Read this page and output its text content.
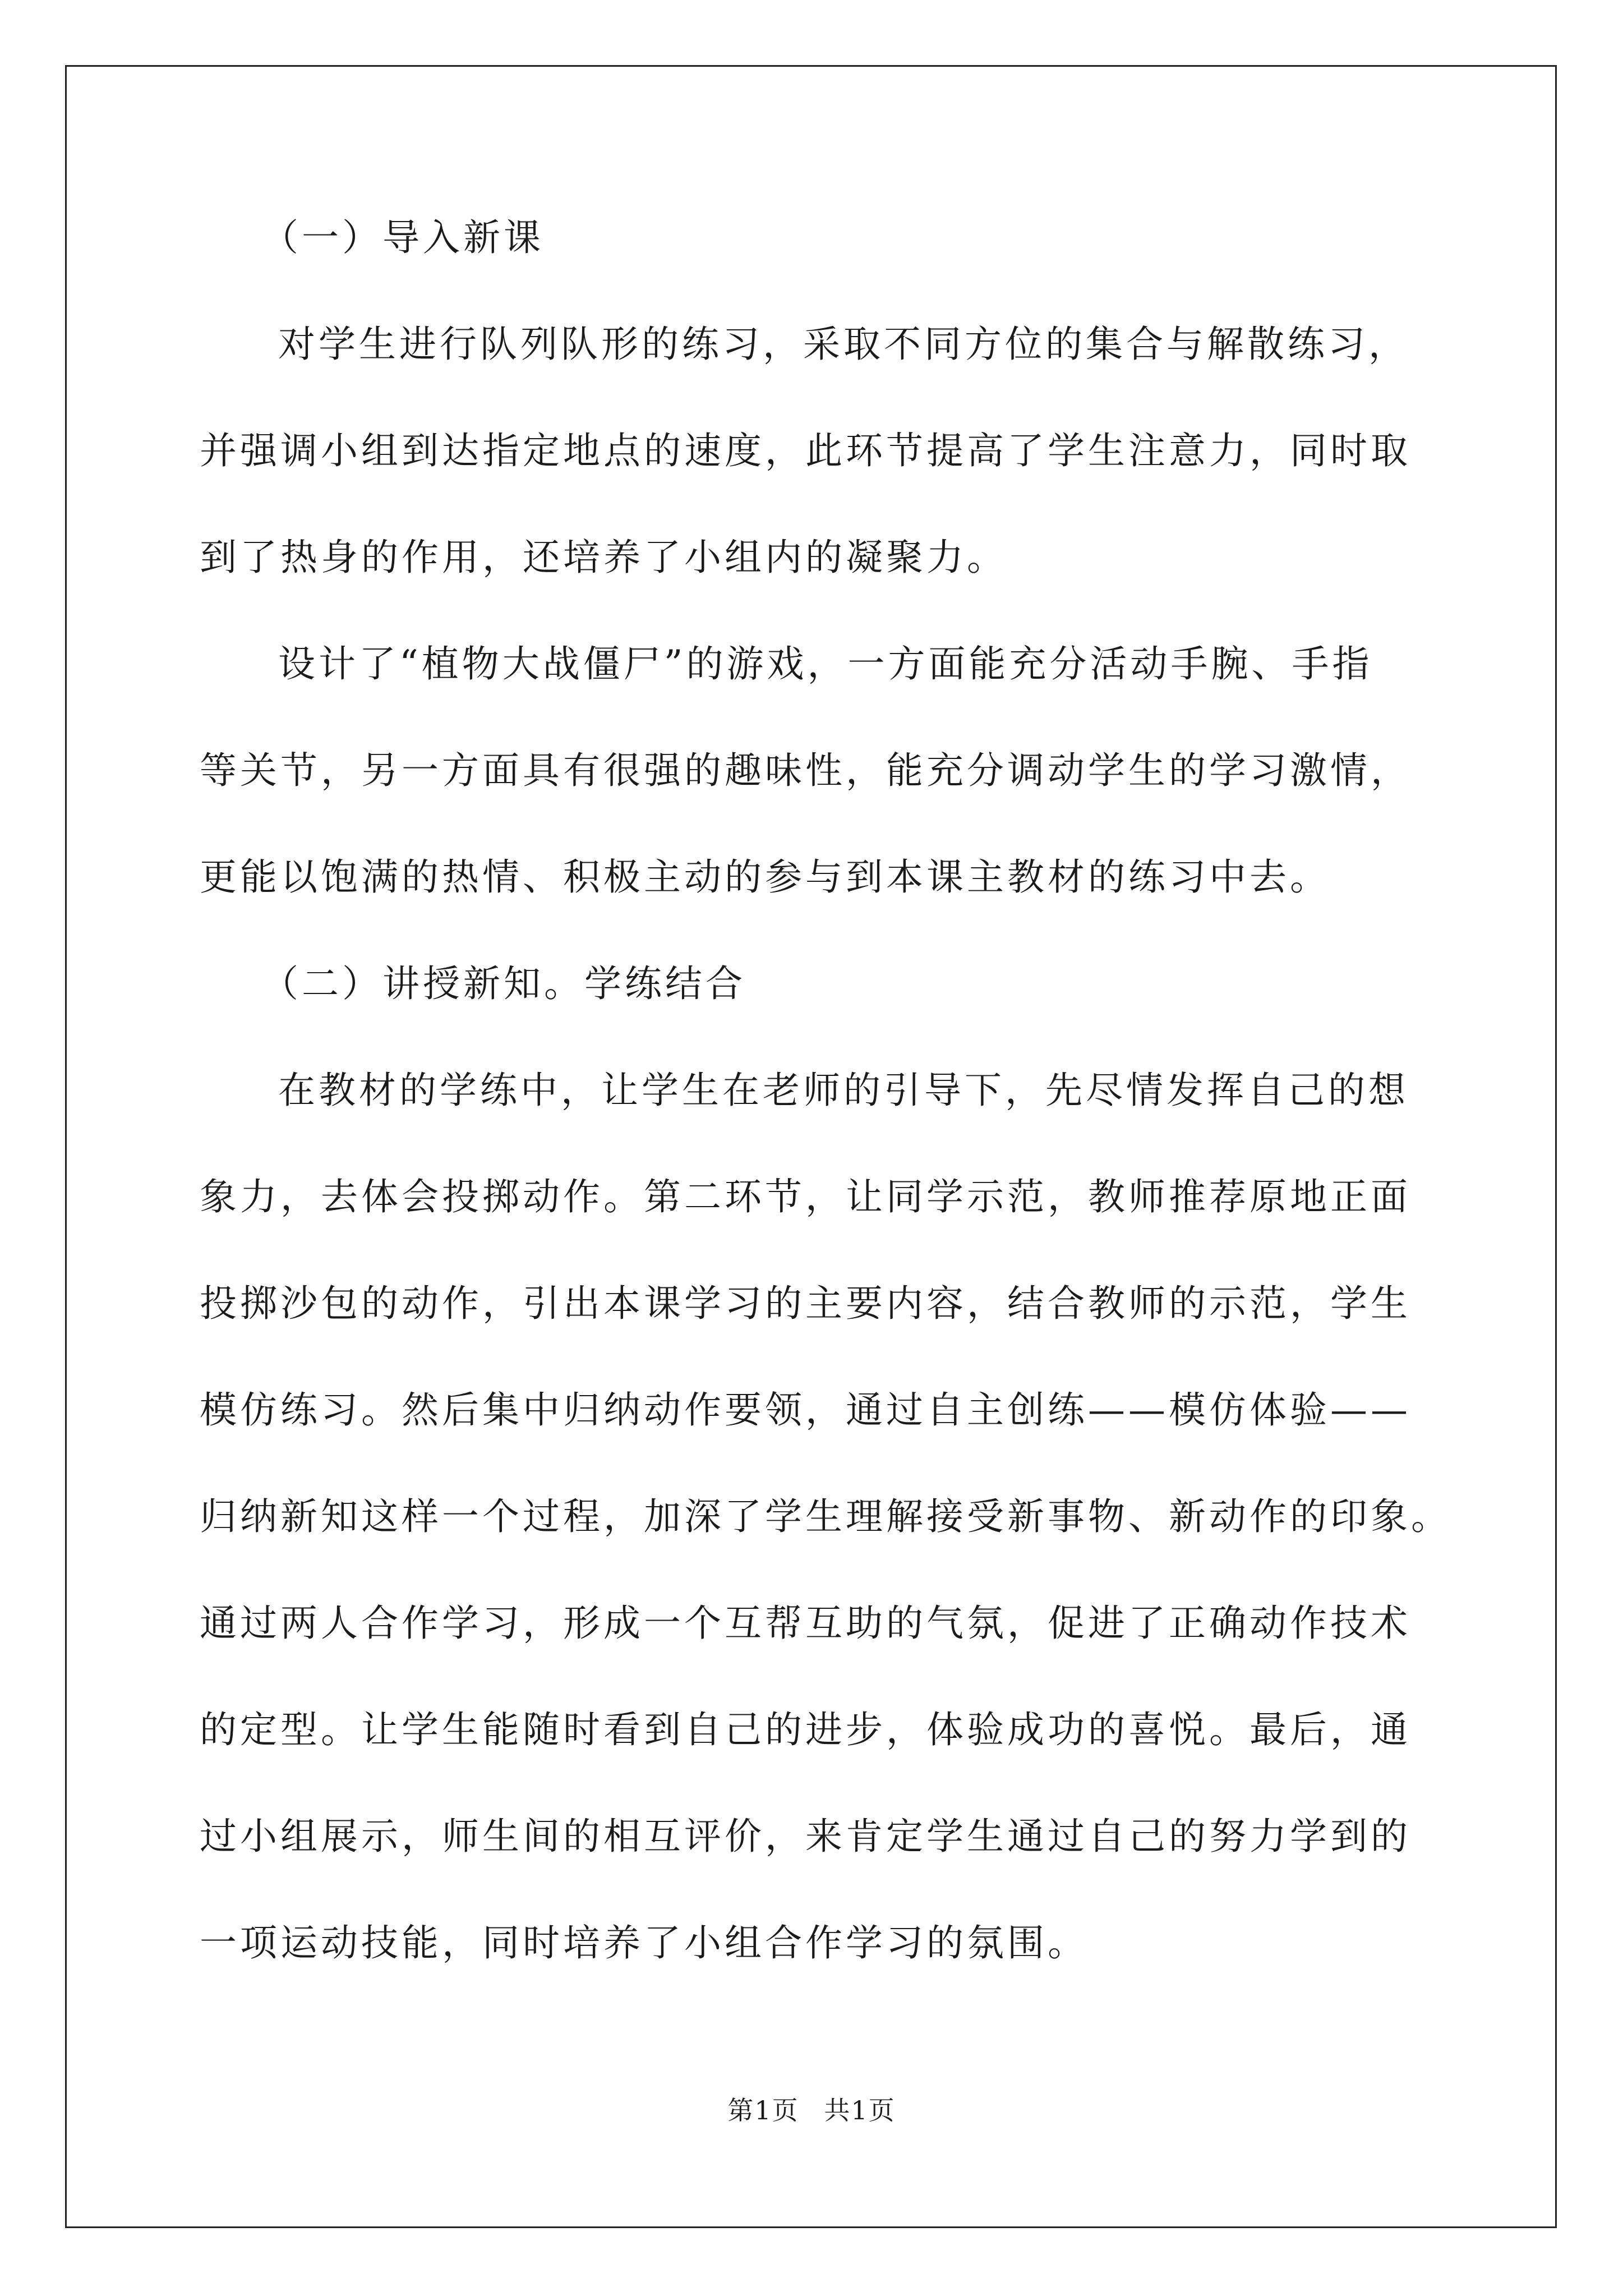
（一）导入新课
对学生进行队列队形的练习，采取不同方位的集合与解散练习，
并强调小组到达指定地点的速度，此环节提高了学生注意力，同时取
到了热身的作用，还培养了小组内的凝聚力。
设计了“植物大战僵尸”的游戏，一方面能充分活动手腕、手指
等关节，另一方面具有很强的趣味性，能充分调动学生的学习激情，
更能以饱满的热情、积极主动的参与到本课主教材的练习中去。
（二）讲授新知。学练结合
在教材的学练中，让学生在老师的引导下，先尽情发挥自己的想
象力，去体会投掷动作。第二环节，让同学示范，教师推荐原地正面
投掷沙包的动作，引出本课学习的主要内容，结合教师的示范，学生
模仿练习。然后集中归纳动作要领，通过自主创练——模仿体验——
归纳新知这样一个过程，加深了学生理解接受新事物、新动作的印象。
通过两人合作学习，形成一个互帮互助的气氛，促进了正确动作技术
的定型。让学生能随时看到自己的进步，体验成功的喜悦。最后，通
过小组展示，师生间的相互评价，来肯定学生通过自己的努力学到的
一项运动技能，同时培养了小组合作学习的氛围。
第1页 共1页
